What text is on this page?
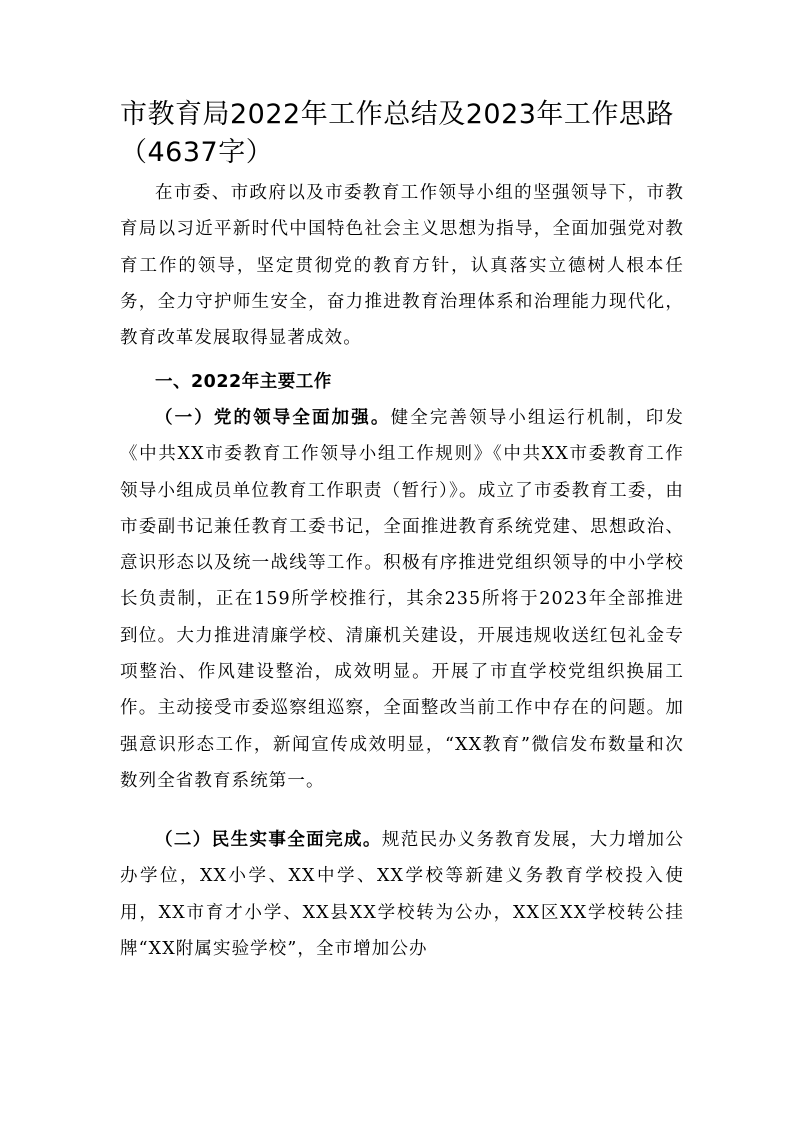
市教育局2022年工作总结及2023年工作思路（4637字）

在市委、市政府以及市委教育工作领导小组的坚强领导下，市教育局以习近平新时代中国特色社会主义思想为指导，全面加强党对教育工作的领导，坚定贯彻党的教育方针，认真落实立德树人根本任务，全力守护师生安全，奋力推进教育治理体系和治理能力现代化，教育改革发展取得显著成效。

一、2022年主要工作

（一）党的领导全面加强。健全完善领导小组运行机制，印发《中共XX市委教育工作领导小组工作规则》《中共XX市委教育工作领导小组成员单位教育工作职责（暂行）》。成立了市委教育工委，由市委副书记兼任教育工委书记，全面推进教育系统党建、思想政治、意识形态以及统一战线等工作。积极有序推进党组织领导的中小学校长负责制，正在159所学校推行，其余235所将于2023年全部推进到位。大力推进清廉学校、清廉机关建设，开展违规收送红包礼金专项整治、作风建设整治，成效明显。开展了市直学校党组织换届工作。主动接受市委巡察组巡察，全面整改当前工作中存在的问题。加强意识形态工作，新闻宣传成效明显，“XX教育”微信发布数量和次数列全省教育系统第一。

（二）民生实事全面完成。规范民办义务教育发展，大力增加公办学位，XX小学、XX中学、XX学校等新建义务教育学校投入使用，XX市育才小学、XX县XX学校转为公办，XX区XX学校转公挂牌“XX附属实验学校”，全市增加公办
